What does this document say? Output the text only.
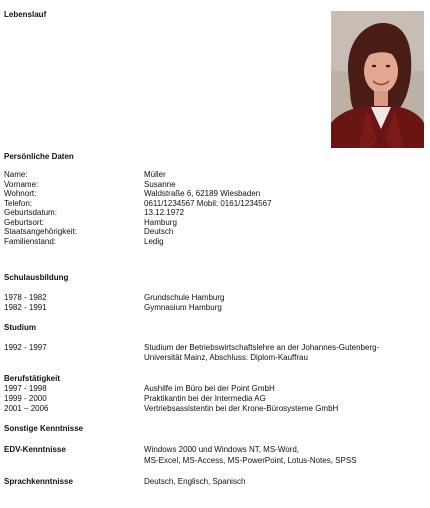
Lebenslauf
Persönliche Daten
Name:	Müller
Vorname:	Susanne
Wohnort:	Waldstraße 6, 62189 Wiesbaden
Telefon:	0611/1234567 Mobil: 0161/1234567
Geburtsdatum:	13.12.1972
Geburtsort:	Hamburg
Staatsangehörigkeit:	Deutsch
Familienstand:	Ledig
Schulausbildung
1978 - 1982	Grundschule Hamburg
1982 - 1991	Gymnasium Hamburg
Studium
1992 - 1997	Studium der Betriebswirtschaftslehre an der Johannes-Gutenberg-
Universität Mainz, Abschluss: Diplom-Kauffrau
Berufstätigkeit
1997 - 1998	Aushilfe im Büro bei der Point GmbH
1999 - 2000	Praktikantin bei der Intermedia AG
2001 – 2006	Vertriebsassistentin bei der Krone-Bürosysteme GmbH
Sonstige Kenntnisse
EDV-Kenntnisse	Windows 2000 und Windows NT, MS-Word,
MS-Excel, MS-Access, MS-PowerPoint, Lotus-Notes, SPSS
Sprachkenntnisse	Deutsch, Englisch, Spanisch
